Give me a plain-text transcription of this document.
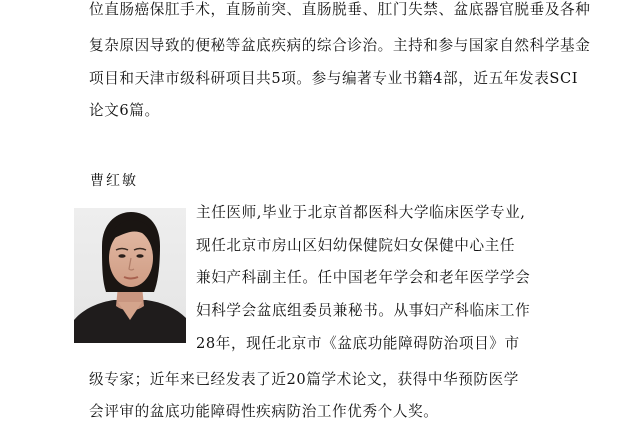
位直肠癌保肛手术，直肠前突、直肠脱垂、肛门失禁、盆底器官脱垂及各种
复杂原因导致的便秘等盆底疾病的综合诊治。主持和参与国家自然科学基金
项目和天津市级科研项目共5项。参与编著专业书籍4部，近五年发表SCI
论文6篇。
曹红敏
主任医师,毕业于北京首都医科大学临床医学专业,
现任北京市房山区妇幼保健院妇女保健中心主任
兼妇产科副主任。任中国老年学会和老年医学学会
妇科学会盆底组委员兼秘书。从事妇产科临床工作
28年，现任北京市《盆底功能障碍防治项目》市
级专家；近年来已经发表了近20篇学术论文，获得中华预防医学
会评审的盆底功能障碍性疾病防治工作优秀个人奖。
